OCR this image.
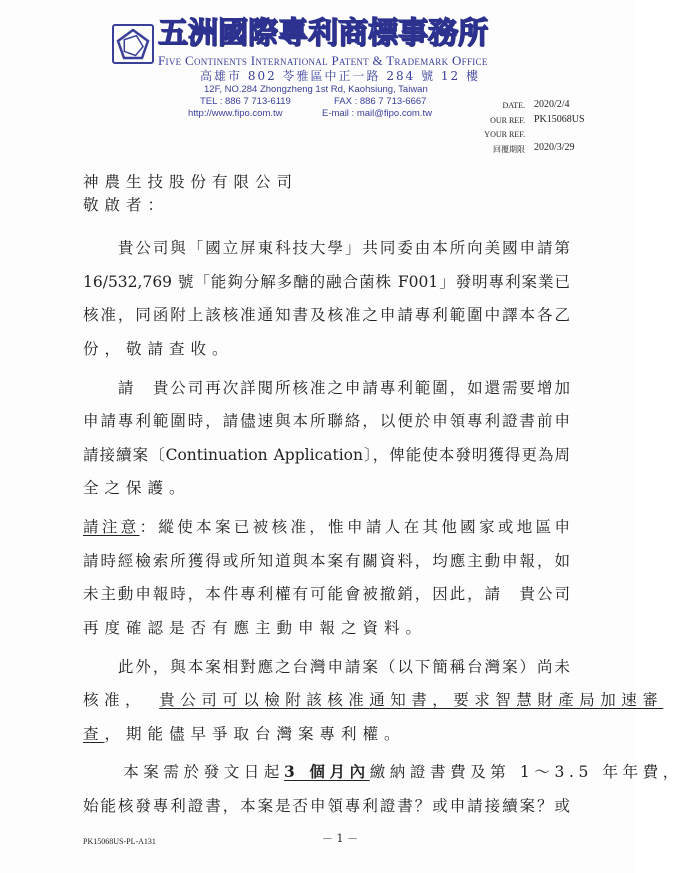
五洲國際專利商標事務所
Five Continents International Patent & Trademark Office
高雄市 802 苓雅區中正一路 284 號 12 樓
12F, NO.284 Zhongzheng 1st Rd, Kaohsiung, Taiwan
TEL : 886 7 713-6119	FAX : 886 7 713-6667
http://www.fipo.com.tw	E-mail : mail@fipo.com.tw
DATE. 2020/2/4
OUR REF. PK15068US
YOUR REF.
回覆期限 2020/3/29
神農生技股份有限公司
敬啟者：
　　貴公司與「國立屏東科技大學」共同委由本所向美國申請第
16/532,769 號「能夠分解多醣的融合菌株 F001」發明專利案業已
核准，同函附上該核准通知書及核准之申請專利範圍中譯本各乙
份，敬請查收。
　　請　貴公司再次詳閱所核准之申請專利範圍，如還需要增加
申請專利範圍時，請儘速與本所聯絡，以便於申領專利證書前申
請接續案〔Continuation Application〕，俾能使本發明獲得更為周
全之保護。
請注意：縱使本案已被核准，惟申請人在其他國家或地區申
請時經檢索所獲得或所知道與本案有關資料，均應主動申報，如
未主動申報時，本件專利權有可能會被撤銷，因此，請　貴公司
再度確認是否有應主動申報之資料。
　　此外，與本案相對應之台灣申請案（以下簡稱台灣案）尚未
核准，　貴公司可以檢附該核准通知書，要求智慧財產局加速審
查，期能儘早爭取台灣案專利權。
　　本案需於發文日起3 個月內繳納證書費及第 1～3.5 年年費，
始能核發專利證書，本案是否申領專利證書？或申請接續案？或
PK15068US-PL-A131	－ 1 －
